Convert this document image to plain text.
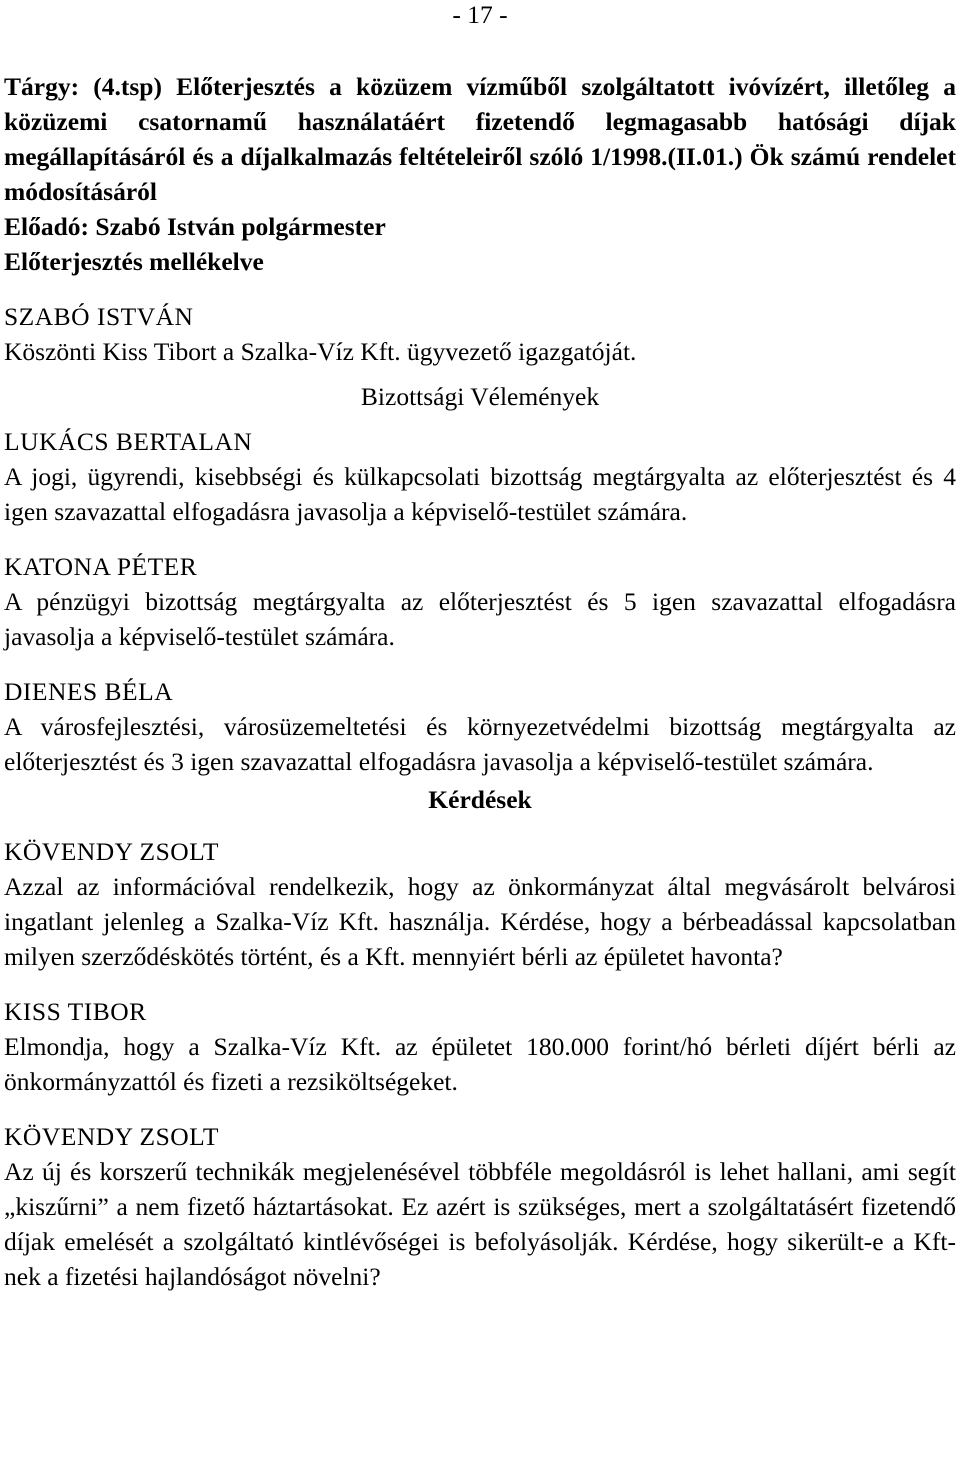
- 17 -

Tárgy: (4.tsp) Előterjesztés a közüzem vízműből szolgáltatott ivóvízért, illetőleg a közüzemi csatornamű használatáért fizetendő legmagasabb hatósági díjak megállapításáról és a díjalkalmazás feltételeiről szóló 1/1998.(II.01.) Ök számú rendelet módosításáról

Előadó: Szabó István polgármester

Előterjesztés mellékelve

SZABÓ ISTVÁN

Köszönti Kiss Tibort a Szalka-Víz Kft. ügyvezető igazgatóját.

Bizottsági Vélemények

LUKÁCS BERTALAN

A jogi, ügyrendi, kisebbségi és külkapcsolati bizottság megtárgyalta az előterjesztést és 4 igen szavazattal elfogadásra javasolja a képviselő-testület számára.

KATONA PÉTER

A pénzügyi bizottság megtárgyalta az előterjesztést és 5 igen szavazattal elfogadásra javasolja a képviselő-testület számára.

DIENES BÉLA

A városfejlesztési, városüzemeltetési és környezetvédelmi bizottság megtárgyalta az előterjesztést és 3 igen szavazattal elfogadásra javasolja a képviselő-testület számára.

Kérdések

KÖVENDY ZSOLT

Azzal az információval rendelkezik, hogy az önkormányzat által megvásárolt belvárosi ingatlant jelenleg a Szalka-Víz Kft. használja. Kérdése, hogy a bérbeadással kapcsolatban milyen szerződéskötés történt, és a Kft. mennyiért bérli az épületet havonta?

KISS TIBOR

Elmondja, hogy a Szalka-Víz Kft. az épületet 180.000 forint/hó bérleti díjért bérli az önkormányzattól és fizeti a rezsiköltségeket.

KÖVENDY ZSOLT

Az új és korszerű technikák megjelenésével többféle megoldásról is lehet hallani, ami segít „kiszűrni” a nem fizető háztartásokat. Ez azért is szükséges, mert a szolgáltatásért fizetendő díjak emelését a szolgáltató kintlévőségei is befolyásolják. Kérdése, hogy sikerült-e a Kft-nek a fizetési hajlandóságot növelni?
